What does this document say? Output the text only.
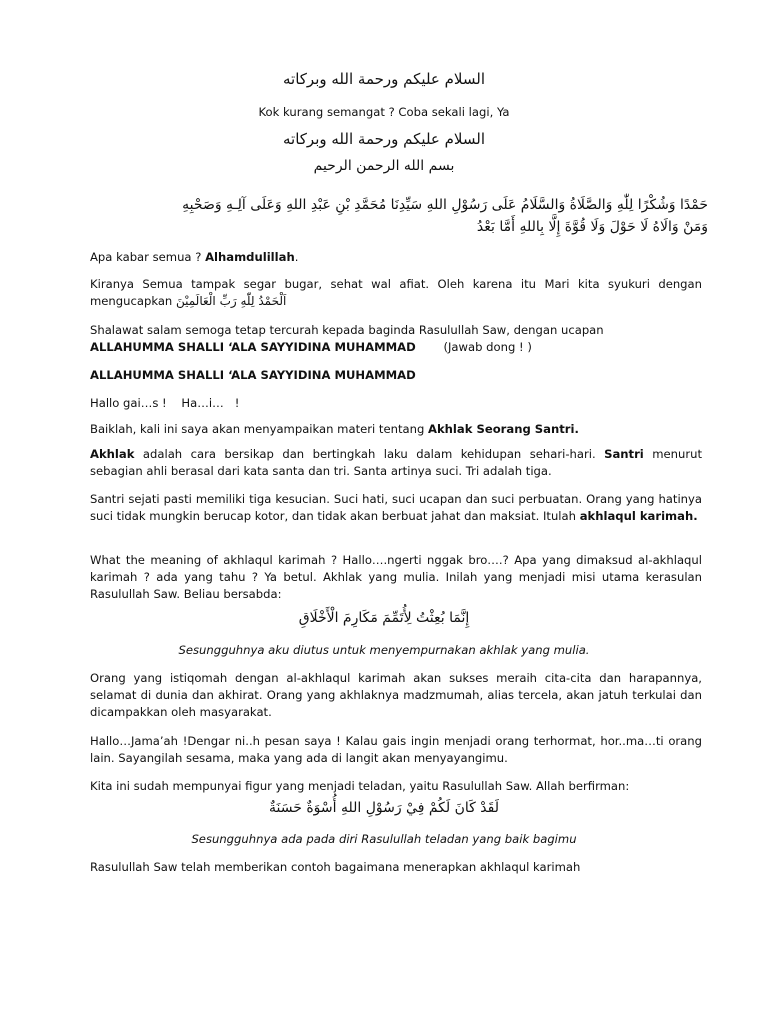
السلام عليكم ورحمة الله وبركاته
Kok kurang semangat ? Coba sekali lagi, Ya
السلام عليكم ورحمة الله وبركاته
بسم الله الرحمن الرحيم
حَمْدًا وَشُكْرًا لِلّٰهِ وَالصَّلَاةُ وَالسَّلَامُ عَلَى رَسُوْلِ اللهِ سَيِّدِنَا مُحَمَّدِ بْنِ عَبْدِ اللهِ وَعَلَى آلِـهِ وَصَحْبِهِ
وَمَنْ وَالَاهُ لَا حَوْلَ وَلَا قُوَّةَ إِلَّا بِاللهِ أَمَّا بَعْدُ
Apa kabar semua ? Alhamdulillah.
Kiranya Semua tampak segar bugar, sehat wal afiat. Oleh karena itu Mari kita syukuri dengan mengucapkan اَلْحَمْدُ لِلّٰهِ رَبِّ الْعَالَمِيْنَ
Shalawat salam semoga tetap tercurah kepada baginda Rasulullah Saw, dengan ucapan
ALLAHUMMA SHALLI ‘ALA SAYYIDINA MUHAMMAD (Jawab dong ! )
ALLAHUMMA SHALLI ‘ALA SAYYIDINA MUHAMMAD
Hallo gai…s !    Ha…i…   !
Baiklah, kali ini saya akan menyampaikan materi tentang Akhlak Seorang Santri.
Akhlak adalah cara bersikap dan bertingkah laku dalam kehidupan sehari-hari. Santri menurut sebagian ahli berasal dari kata santa dan tri. Santa artinya suci. Tri adalah tiga.
Santri sejati pasti memiliki tiga kesucian. Suci hati, suci ucapan dan suci perbuatan. Orang yang hatinya suci tidak mungkin berucap kotor, dan tidak akan berbuat jahat dan maksiat. Itulah akhlaqul karimah.
What the meaning of akhlaqul karimah ? Hallo….ngerti nggak bro….? Apa yang dimaksud al-akhlaqul karimah ? ada yang tahu ? Ya betul. Akhlak yang mulia. Inilah yang menjadi misi utama kerasulan Rasulullah Saw. Beliau bersabda:
إِنَّمَا بُعِثْتُ لِأُتَمِّمَ مَكَارِمَ الْأَخْلَاقِ
Sesungguhnya aku diutus untuk menyempurnakan akhlak yang mulia.
Orang yang istiqomah dengan al-akhlaqul karimah akan sukses meraih cita-cita dan harapannya, selamat di dunia dan akhirat. Orang yang akhlaknya madzmumah, alias tercela, akan jatuh terkulai dan dicampakkan oleh masyarakat.
Hallo…Jama’ah !Dengar ni..h pesan saya ! Kalau gais ingin menjadi orang terhormat, hor..ma…ti orang lain. Sayangilah sesama, maka yang ada di langit akan menyayangimu.
Kita ini sudah mempunyai figur yang menjadi teladan, yaitu Rasulullah Saw. Allah berfirman:
لَقَدْ كَانَ لَكُمْ فِيْ رَسُوْلِ اللهِ أُسْوَةٌ حَسَنَةٌ
Sesungguhnya ada pada diri Rasulullah teladan yang baik bagimu
Rasulullah Saw telah memberikan contoh bagaimana menerapkan akhlaqul karimah
